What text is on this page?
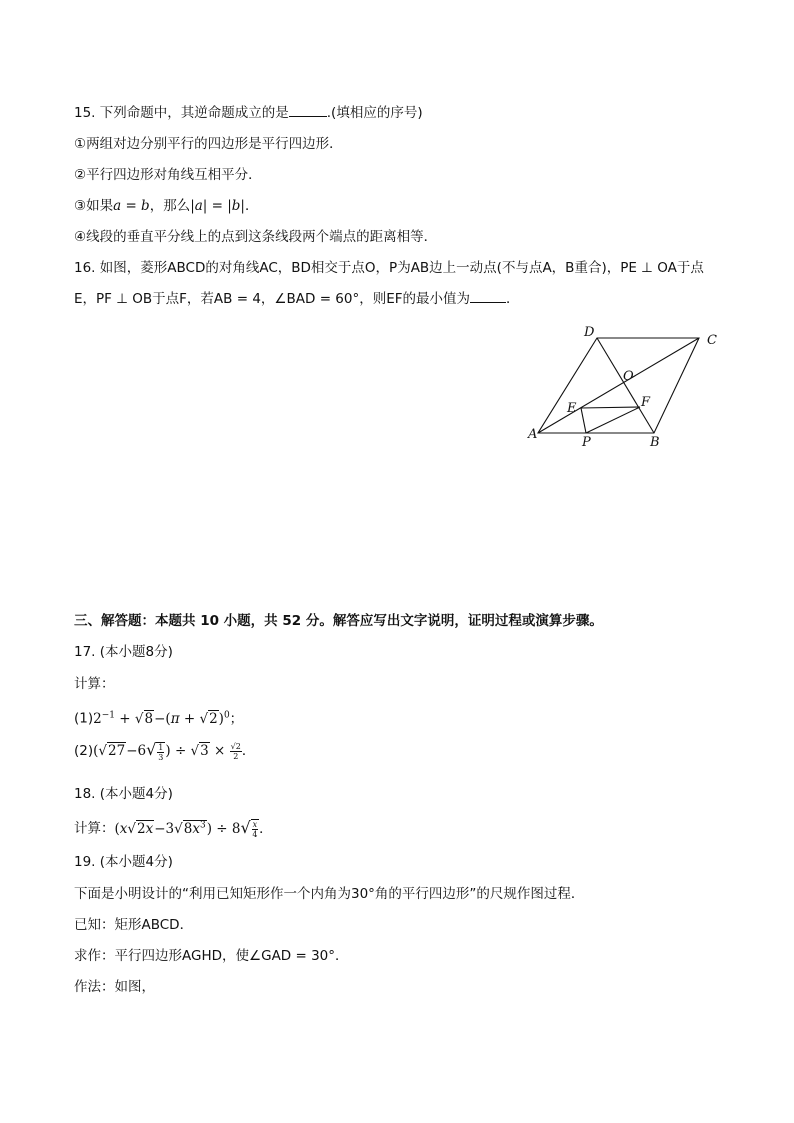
15. 下列命题中，其逆命题成立的是	.(填相应的序号)
①两组对边分别平行的四边形是平行四边形．
②平行四边形对角线互相平分．
③如果a = b，那么|a| = |b|．
④线段的垂直平分线上的点到这条线段两个端点的距离相等．
16. 如图，菱形ABCD的对角线AC，BD相交于点O，P为AB边上一动点(不与点A，B重合)，PE ⊥ OA于点
E，PF ⊥ OB于点F，若AB = 4，∠BAD = 60°，则EF的最小值为	．
D
C
O
E	F
A
P	B
三、解答题：本题共 10 小题，共 52 分。解答应写出文字说明，证明过程或演算步骤。
17. (本小题8分)
计算：
$(1)2^{-1} + √8-(\pi + √2)^0$；
$(2)(√27-6√ \frac{1}{3}$ ) ÷ $√3 \times \frac{√2}{2}$ ．
18. (本小题4分)
计算：$(x√2x-3√8x^3) \div 8√ \frac{x}{4}$ ．
19. (本小题4分)
下面是小明设计的“利用已知矩形作一个内角为30°角的平行四边形”的尺规作图过程．
已知：矩形ABCD．
求作：平行四边形AGHD，使∠GAD = 30°．
作法：如图，
